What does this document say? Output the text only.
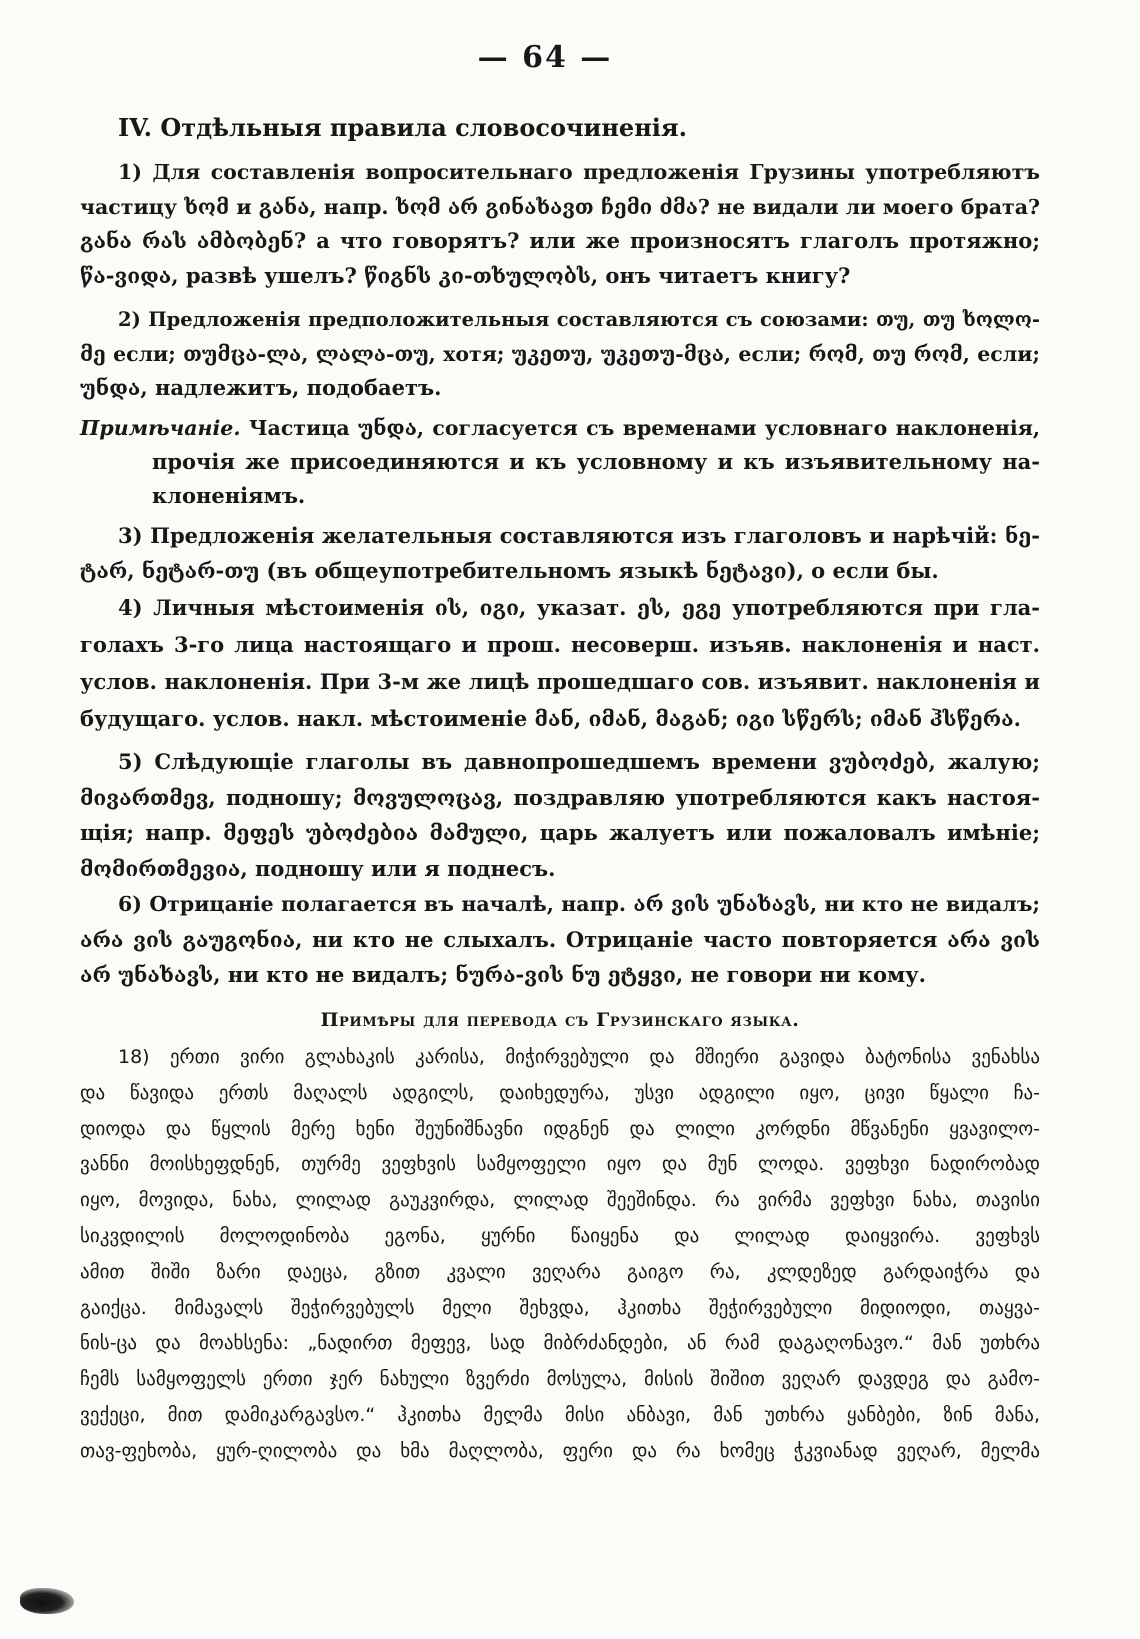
— 64 —
IV. Отдѣльныя правила словосочиненія.
1) Для составленія вопросительнаго предложенія Грузины употребляютъ
частицу ხომ и განა, напр. ხომ არ გინახავთ ჩემი ძმა? не видали ли моего брата?
განა რას ამბობენ? а что говорятъ? или же произносятъ глаголъ протяжно;
წა-ვიდა, развѣ ушелъ? წიგნს კი-თხულობს, онъ читаетъ книгу?
2) Предложенія предположительныя составляются съ союзами: თუ, თუ ხოლო-
მე если; თუმცა-ლა, ლალა-თუ, хотя; უკეთუ, უკეთუ-მცა, если; რომ, თუ რომ, если;
უნდა, надлежитъ, подобаетъ.
Примѣчаніе. Частица უნდა, согласуется съ временами условнаго наклоненія,
прочія же присоединяются и къ условному и къ изъявительному на-
клоненіямъ.
3) Предложенія желательныя составляются изъ глаголовъ и нарѣчій: ნე-
ტარ, ნეტარ-თუ (въ общеупотребительномъ языкѣ ნეტავი), о если бы.
4) Личныя мѣстоименія ის, იგი, указат. ეს, ეგე употребляются при гла-
голахъ 3-го лица настоящаго и прош. несоверш. изъяв. наклоненія и наст.
услов. наклоненія. При 3-м же лицѣ прошедшаго сов. изъявит. наклоненія и
будущаго. услов. накл. мѣстоименіе მან, იმან, მაგან; იგი სწერს; იმან ჰსწერა.
5) Слѣдующіе глаголы въ давнопрошедшемъ времени ვუბოძებ, жалую;
მივართმევ, подношу; მოვულოცავ, поздравляю употребляются какъ настоя-
щія; напр. მეფეს უბოძებია მამული, царь жалуетъ или пожаловалъ имѣніе;
მომირთმევია, подношу или я поднесъ.
6) Отрицаніе полагается въ началѣ, напр. არ ვის უნახავს, ни кто не видалъ;
არა ვის გაუგონია, ни кто не слыхалъ. Отрицаніе часто повторяется არა ვის
არ უნახავს, ни кто не видалъ; ნურა-ვის ნუ ეტყვი, не говори ни кому.
Примѣры для перевода съ Грузинскаго языка.
18) ერთი ვირი გლახაკის კარისა, მიჭირვებული და მშიერი გავიდა ბატონისა ვენახსა
და წავიდა ერთს მაღალს ადგილს, დაიხედურა, უსვი ადგილი იყო, ცივი წყალი ჩა-
დიოდა და წყლის მერე ხენი შეუნიშნავნი იდგნენ და ლილი კორდნი მწვანენი ყვავილო-
ვანნი მოისხეფდნენ, თურმე ვეფხვის სამყოფელი იყო და მუნ ლოდა. ვეფხვი ნადირობად
იყო, მოვიდა, ნახა, ლილად გაუკვირდა, ლილად შეეშინდა. რა ვირმა ვეფხვი ნახა, თავისი
სიკვდილის მოლოდინობა ეგონა, ყურნი წაიყენა და ლილად დაიყვირა. ვეფხვს
ამით შიში ზარი დაეცა, გზით კვალი ვეღარა გაიგო რა, კლდეზედ გარდაიჭრა და
გაიქცა. მიმავალს შეჭირვებულს მელი შეხვდა, ჰკითხა შეჭირვებული მიდიოდი, თაყვა-
ნის-ცა და მოახსენა: „ნადირთ მეფევ, სად მიბრძანდები, ან რამ დაგაღონავო.“ მან უთხრა
ჩემს სამყოფელს ერთი ჯერ ნახული ზვერძი მოსულა, მისის შიშით ვეღარ დავდეგ და გამო-
ვექეცი, მით დამიკარგავსო.“ ჰკითხა მელმა მისი ანბავი, მან უთხრა ყანბები, ზინ მანა,
თავ-ფეხობა, ყურ-ღილობა და ხმა მაღლობა, ფერი და რა ხომეც ჭკვიანად ვეღარ, მელმა
